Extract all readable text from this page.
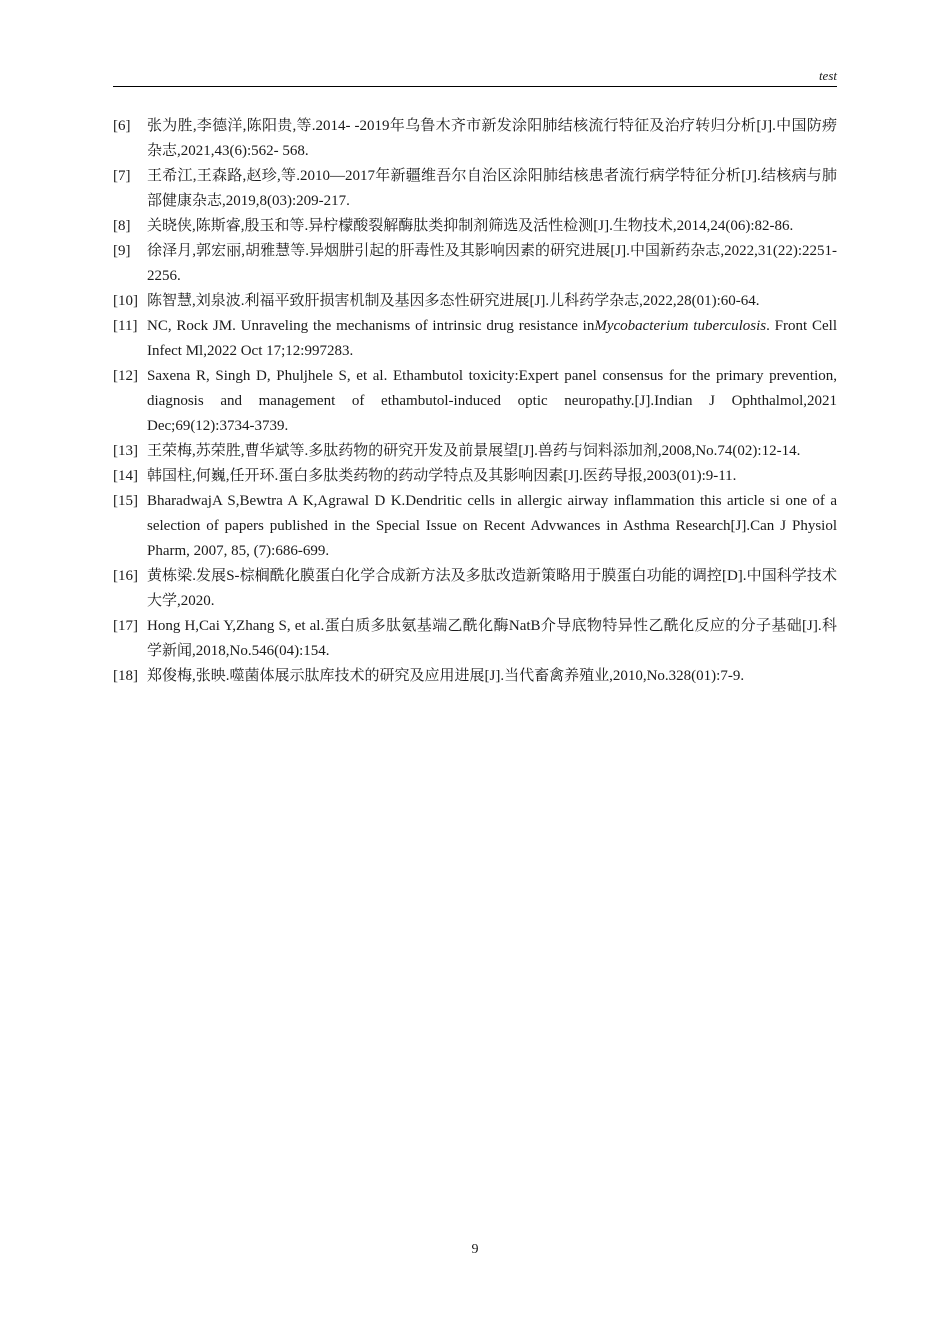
test
[6] 张为胜,李德洋,陈阳贵,等.2014- -2019年乌鲁木齐市新发涂阳肺结核流行特征及治疗转归分析[J].中国防痨杂志,2021,43(6):562- 568.
[7] 王希江,王森路,赵珍,等.2010—2017年新疆维吾尔自治区涂阳肺结核患者流行病学特征分析[J].结核病与肺部健康杂志,2019,8(03):209-217.
[8] 关晓侠,陈斯睿,殷玉和等.异柠檬酸裂解酶肽类抑制剂筛选及活性检测[J].生物技术,2014,24(06):82-86.
[9] 徐泽月,郭宏丽,胡雅慧等.异烟肼引起的肝毒性及其影响因素的研究进展[J].中国新药杂志,2022,31(22):2251-2256.
[10] 陈智慧,刘泉波.利福平致肝损害机制及基因多态性研究进展[J].儿科药学杂志,2022,28(01):60-64.
[11] NC, Rock JM. Unraveling the mechanisms of intrinsic drug resistance inMycobacterium tuberculosis. Front Cell Infect Ml,2022 Oct 17;12:997283.
[12] Saxena R, Singh D, Phuljhele S, et al. Ethambutol toxicity:Expert panel consensus for the primary prevention, diagnosis and management of ethambutol-induced optic neuropathy.[J].Indian J Ophthalmol,2021 Dec;69(12):3734-3739.
[13] 王荣梅,苏荣胜,曹华斌等.多肽药物的研究开发及前景展望[J].兽药与饲料添加剂,2008,No.74(02):12-14.
[14] 韩国柱,何巍,任开环.蛋白多肽类药物的药动学特点及其影响因素[J].医药导报,2003(01):9-11.
[15] BharadwajA S,Bewtra A K,Agrawal D K.Dendritic cells in allergic airway inflammation this article si one of a selection of papers published in the Special Issue on Recent Advwances in Asthma Research[J].Can J Physiol Pharm, 2007, 85, (7):686-699.
[16] 黄栋梁.发展S-棕榈酰化膜蛋白化学合成新方法及多肽改造新策略用于膜蛋白功能的调控[D].中国科学技术大学,2020.
[17] Hong H,Cai Y,Zhang S, et al.蛋白质多肽氨基端乙酰化酶NatB介导底物特异性乙酰化反应的分子基础[J].科学新闻,2018,No.546(04):154.
[18] 郑俊梅,张映.噬菌体展示肽库技术的研究及应用进展[J].当代畜禽养殖业,2010,No.328(01):7-9.
9
